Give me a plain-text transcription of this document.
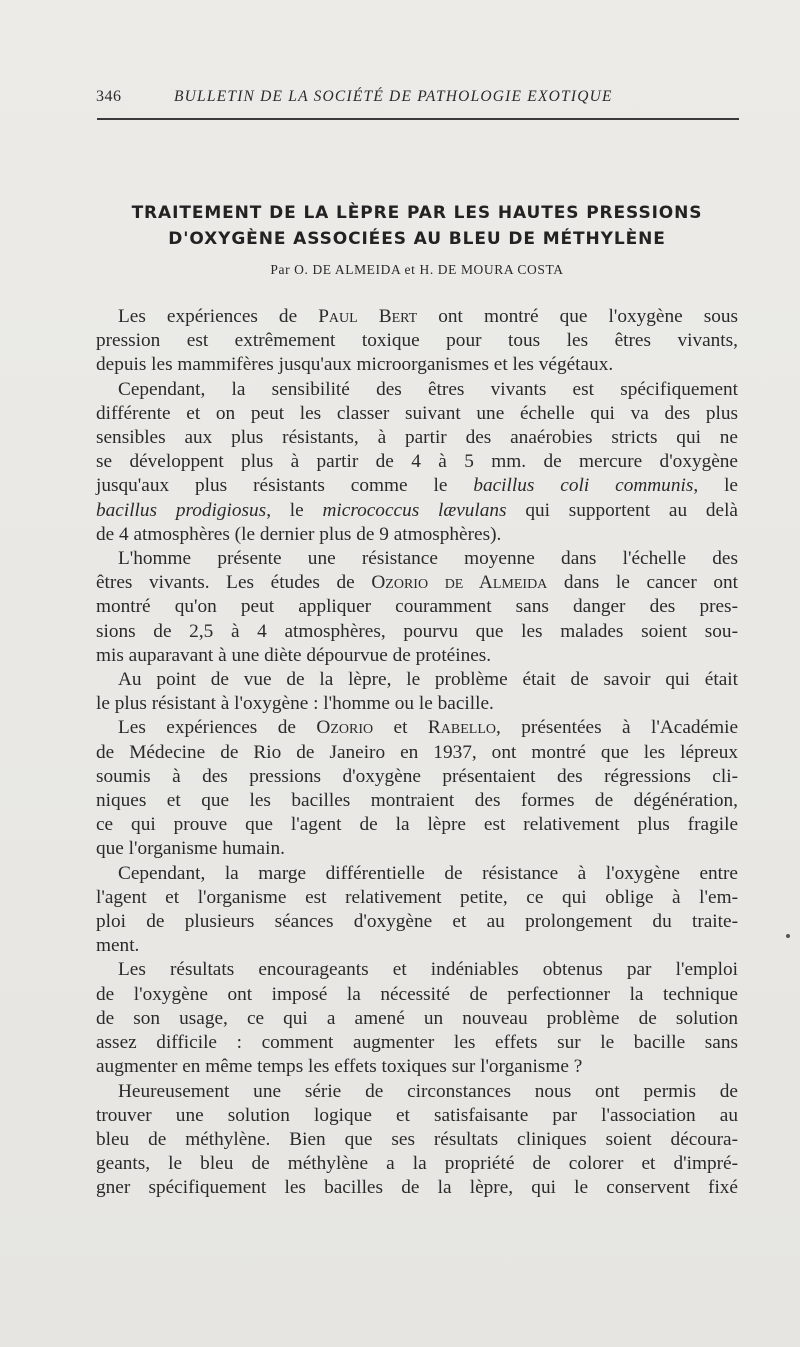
346	BULLETIN DE LA SOCIÉTÉ DE PATHOLOGIE EXOTIQUE
TRAITEMENT DE LA LÈPRE PAR LES HAUTES PRESSIONS
D'OXYGÈNE ASSOCIÉES AU BLEU DE MÉTHYLÈNE
Par O. DE ALMEIDA et H. DE MOURA COSTA
Les expériences de Paul Bert ont montré que l'oxygène sous
pression est extrêmement toxique pour tous les êtres vivants,
depuis les mammifères jusqu'aux microorganismes et les végétaux.
Cependant, la sensibilité des êtres vivants est spécifiquement
différente et on peut les classer suivant une échelle qui va des plus
sensibles aux plus résistants, à partir des anaérobies stricts qui ne
se développent plus à partir de 4 à 5 mm. de mercure d'oxygène
jusqu'aux plus résistants comme le bacillus coli communis, le
bacillus prodigiosus, le micrococcus lævulans qui supportent au delà
de 4 atmosphères (le dernier plus de 9 atmosphères).
L'homme présente une résistance moyenne dans l'échelle des
êtres vivants. Les études de Ozorio de Almeida dans le cancer ont
montré qu'on peut appliquer couramment sans danger des pres-
sions de 2,5 à 4 atmosphères, pourvu que les malades soient sou-
mis auparavant à une diète dépourvue de protéines.
Au point de vue de la lèpre, le problème était de savoir qui était
le plus résistant à l'oxygène : l'homme ou le bacille.
Les expériences de Ozorio et Rabello, présentées à l'Académie
de Médecine de Rio de Janeiro en 1937, ont montré que les lépreux
soumis à des pressions d'oxygène présentaient des régressions cli-
niques et que les bacilles montraient des formes de dégénération,
ce qui prouve que l'agent de la lèpre est relativement plus fragile
que l'organisme humain.
Cependant, la marge différentielle de résistance à l'oxygène entre
l'agent et l'organisme est relativement petite, ce qui oblige à l'em-
ploi de plusieurs séances d'oxygène et au prolongement du traite-
ment.
Les résultats encourageants et indéniables obtenus par l'emploi
de l'oxygène ont imposé la nécessité de perfectionner la technique
de son usage, ce qui a amené un nouveau problème de solution
assez difficile : comment augmenter les effets sur le bacille sans
augmenter en même temps les effets toxiques sur l'organisme ?
Heureusement une série de circonstances nous ont permis de
trouver une solution logique et satisfaisante par l'association au
bleu de méthylène. Bien que ses résultats cliniques soient découra-
geants, le bleu de méthylène a la propriété de colorer et d'impré-
gner spécifiquement les bacilles de la lèpre, qui le conservent fixé
